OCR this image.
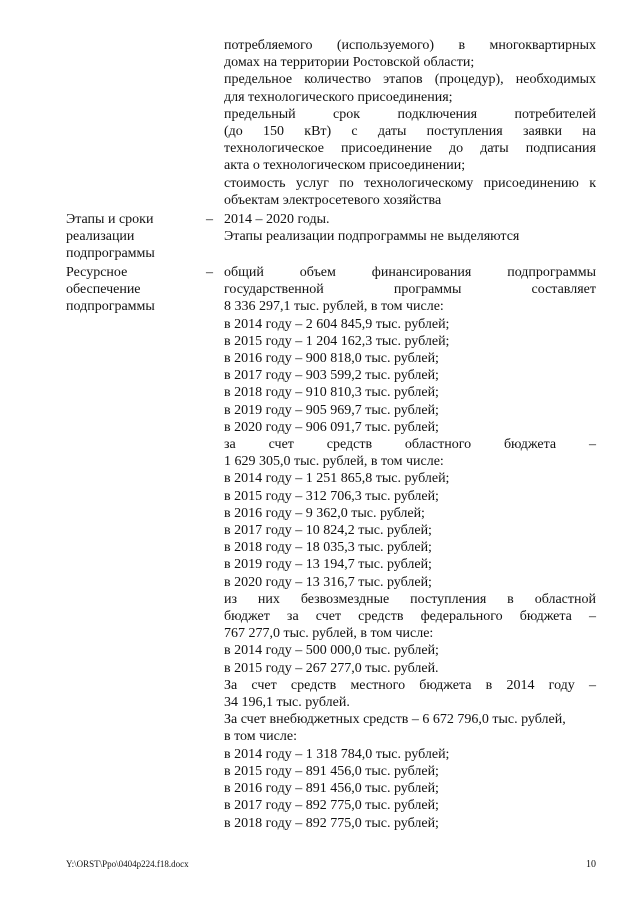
потребляемого (используемого) в многоквартирных

домах на территории Ростовской области;

предельное количество этапов (процедур), необходимых

для технологического присоединения;

предельный срок подключения потребителей

(до 150 кВт) с даты поступления заявки на

технологическое присоединение до даты подписания

акта о технологическом присоединении;

стоимость услуг по технологическому присоединению к

объектам электросетевого хозяйства

Этапы и сроки
реализации
подпрограммы
– 2014 – 2020 годы.

Этапы реализации подпрограммы не выделяются

Ресурсное
обеспечение
подпрограммы
– общий объем финансирования подпрограммы

государственной программы составляет

8 336 297,1 тыс. рублей, в том числе:

в 2014 году – 2 604 845,9 тыс. рублей;

в 2015 году – 1 204 162,3 тыс. рублей;

в 2016 году – 900 818,0 тыс. рублей;

в 2017 году – 903 599,2 тыс. рублей;

в 2018 году – 910 810,3 тыс. рублей;

в 2019 году – 905 969,7 тыс. рублей;

в 2020 году – 906 091,7 тыс. рублей;

за счет средств областного бюджета –

1 629 305,0 тыс. рублей, в том числе:

в 2014 году – 1 251 865,8 тыс. рублей;

в 2015 году – 312 706,3 тыс. рублей;

в 2016 году – 9 362,0 тыс. рублей;

в 2017 году – 10 824,2 тыс. рублей;

в 2018 году – 18 035,3 тыс. рублей;

в 2019 году – 13 194,7 тыс. рублей;

в 2020 году – 13 316,7 тыс. рублей;

из них безвозмездные поступления в областной

бюджет за счет средств федерального бюджета –

767 277,0 тыс. рублей, в том числе:

в 2014 году – 500 000,0 тыс. рублей;

в 2015 году – 267 277,0 тыс. рублей.

За счет средств местного бюджета в 2014 году –

34 196,1 тыс. рублей.

За счет внебюджетных средств – 6 672 796,0 тыс. рублей,

в том числе:

в 2014 году – 1 318 784,0 тыс. рублей;

в 2015 году – 891 456,0 тыс. рублей;

в 2016 году – 891 456,0 тыс. рублей;

в 2017 году – 892 775,0 тыс. рублей;

в 2018 году – 892 775,0 тыс. рублей;

Y:\ORST\Ppo\0404p224.f18.docx	10
